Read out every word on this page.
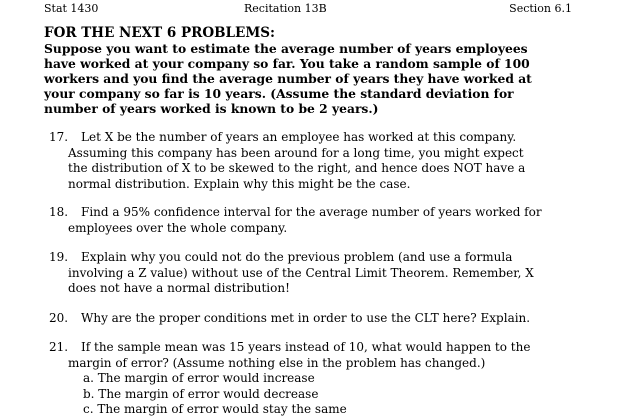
Stat 1430	Recitation 13B	Section 6.1
FOR THE NEXT 6 PROBLEMS:
Suppose you want to estimate the average number of years employees
have worked at your company so far. You take a random sample of 100
workers and you find the average number of years they have worked at
your company so far is 10 years. (Assume the standard deviation for
number of years worked is known to be 2 years.)
17. Let X be the number of years an employee has worked at this company.
Assuming this company has been around for a long time, you might expect
the distribution of X to be skewed to the right, and hence does NOT have a
normal distribution. Explain why this might be the case.
18. Find a 95% confidence interval for the average number of years worked for
employees over the whole company.
19. Explain why you could not do the previous problem (and use a formula
involving a Z value) without use of the Central Limit Theorem. Remember, X
does not have a normal distribution!
20. Why are the proper conditions met in order to use the CLT here? Explain.
21. If the sample mean was 15 years instead of 10, what would happen to the
margin of error? (Assume nothing else in the problem has changed.)
a. The margin of error would increase
b. The margin of error would decrease
c. The margin of error would stay the same
